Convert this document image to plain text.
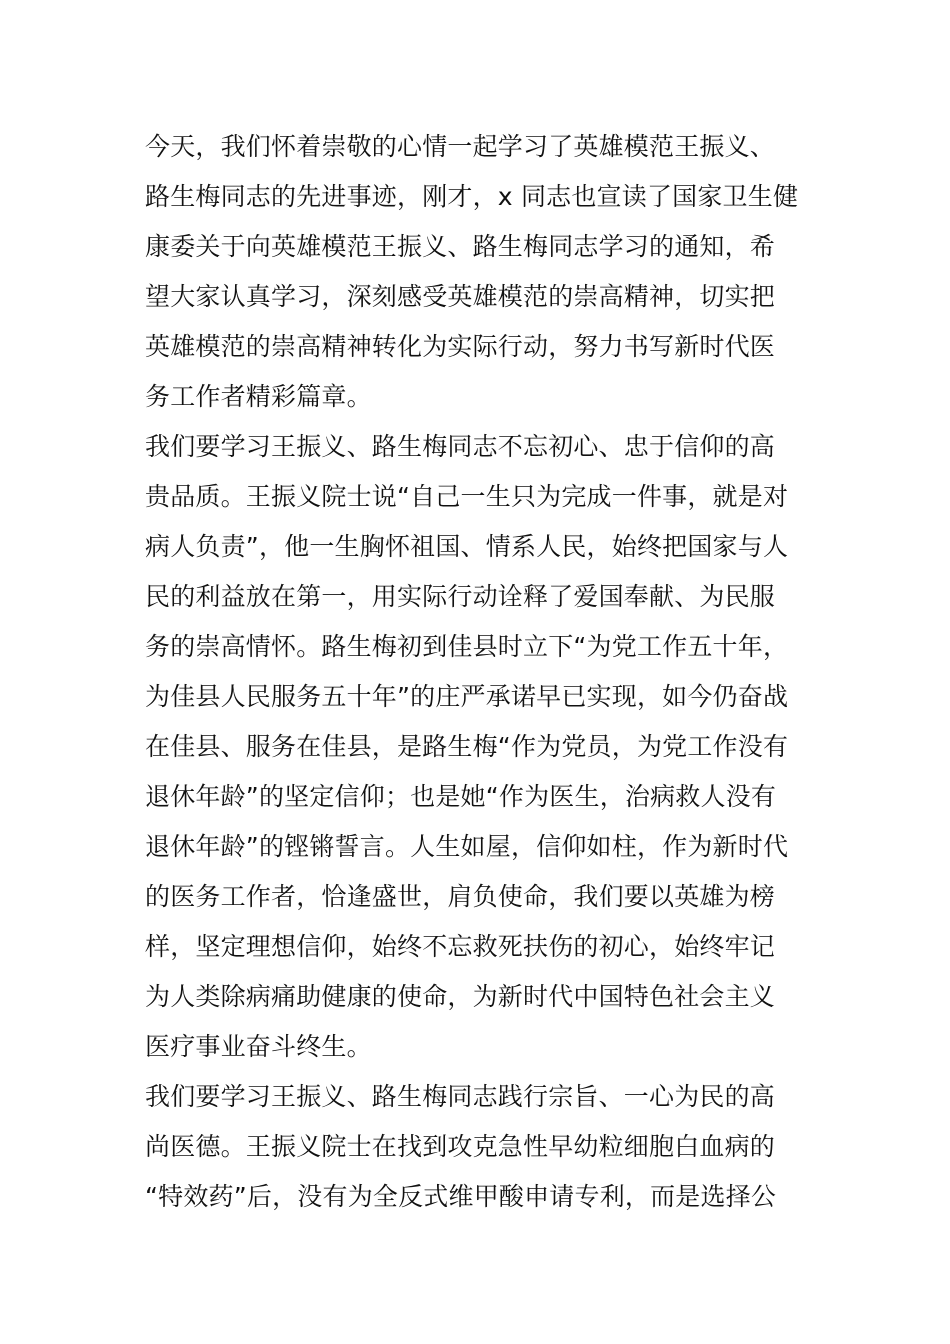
今天，我们怀着崇敬的心情一起学习了英雄模范王振义、
路生梅同志的先进事迹，刚才，x 同志也宣读了国家卫生健
康委关于向英雄模范王振义、路生梅同志学习的通知，希
望大家认真学习，深刻感受英雄模范的崇高精神，切实把
英雄模范的崇高精神转化为实际行动，努力书写新时代医
务工作者精彩篇章。
我们要学习王振义、路生梅同志不忘初心、忠于信仰的高
贵品质。王振义院士说“自己一生只为完成一件事，就是对
病人负责”，他一生胸怀祖国、情系人民，始终把国家与人
民的利益放在第一，用实际行动诠释了爱国奉献、为民服
务的崇高情怀。路生梅初到佳县时立下“为党工作五十年，
为佳县人民服务五十年”的庄严承诺早已实现，如今仍奋战
在佳县、服务在佳县，是路生梅“作为党员，为党工作没有
退休年龄”的坚定信仰；也是她“作为医生，治病救人没有
退休年龄”的铿锵誓言。人生如屋，信仰如柱，作为新时代
的医务工作者，恰逢盛世，肩负使命，我们要以英雄为榜
样，坚定理想信仰，始终不忘救死扶伤的初心，始终牢记
为人类除病痛助健康的使命，为新时代中国特色社会主义
医疗事业奋斗终生。
我们要学习王振义、路生梅同志践行宗旨、一心为民的高
尚医德。王振义院士在找到攻克急性早幼粒细胞白血病的
“特效药”后，没有为全反式维甲酸申请专利，而是选择公
